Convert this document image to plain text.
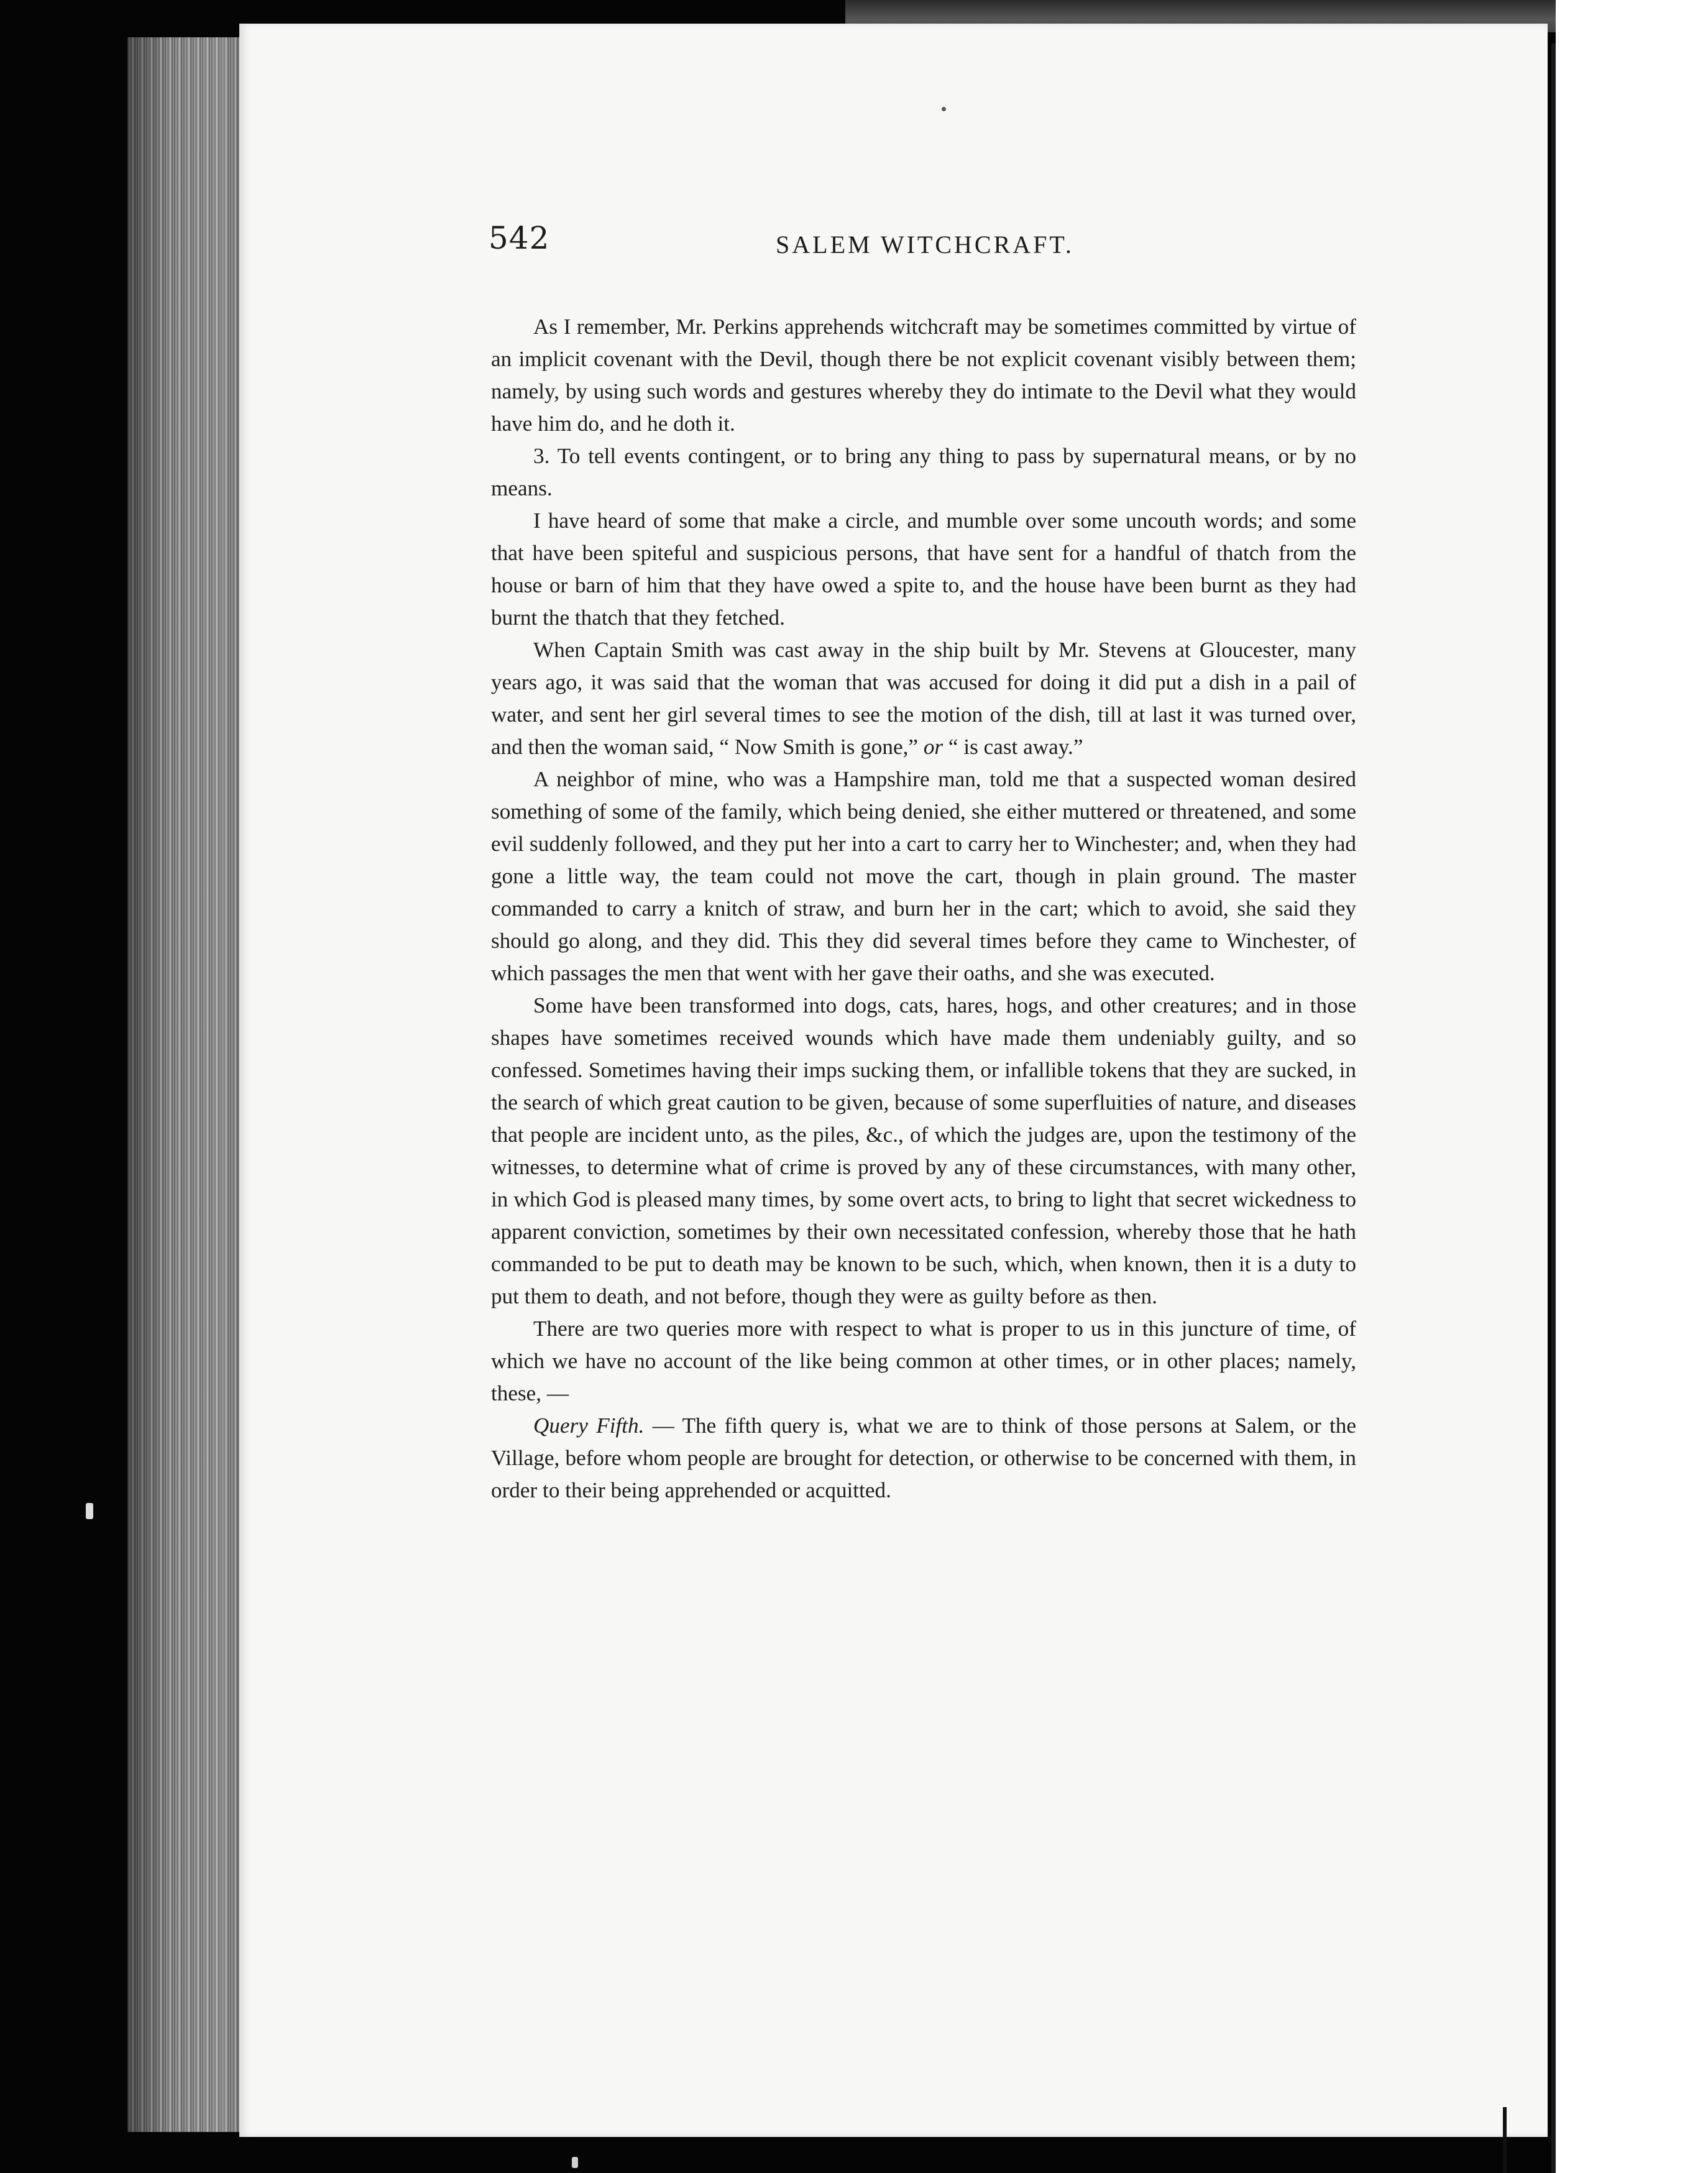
542	SALEM WITCHCRAFT.

As I remember, Mr. Perkins apprehends witchcraft may be sometimes committed by virtue of an implicit covenant with the Devil, though there be not explicit covenant visibly between them; namely, by using such words and gestures whereby they do intimate to the Devil what they would have him do, and he doth it.

3. To tell events contingent, or to bring any thing to pass by supernatural means, or by no means.

I have heard of some that make a circle, and mumble over some uncouth words; and some that have been spiteful and suspicious persons, that have sent for a handful of thatch from the house or barn of him that they have owed a spite to, and the house have been burnt as they had burnt the thatch that they fetched.

When Captain Smith was cast away in the ship built by Mr. Stevens at Gloucester, many years ago, it was said that the woman that was accused for doing it did put a dish in a pail of water, and sent her girl several times to see the motion of the dish, till at last it was turned over, and then the woman said, “ Now Smith is gone,” or “ is cast away.”

A neighbor of mine, who was a Hampshire man, told me that a suspected woman desired something of some of the family, which being denied, she either muttered or threatened, and some evil suddenly followed, and they put her into a cart to carry her to Winchester; and, when they had gone a little way, the team could not move the cart, though in plain ground. The master commanded to carry a knitch of straw, and burn her in the cart; which to avoid, she said they should go along, and they did. This they did several times before they came to Winchester, of which passages the men that went with her gave their oaths, and she was executed.

Some have been transformed into dogs, cats, hares, hogs, and other creatures; and in those shapes have sometimes received wounds which have made them undeniably guilty, and so confessed. Sometimes having their imps sucking them, or infallible tokens that they are sucked, in the search of which great caution to be given, because of some superfluities of nature, and diseases that people are incident unto, as the piles, &c., of which the judges are, upon the testimony of the witnesses, to determine what of crime is proved by any of these circumstances, with many other, in which God is pleased many times, by some overt acts, to bring to light that secret wickedness to apparent conviction, sometimes by their own necessitated confession, whereby those that he hath commanded to be put to death may be known to be such, which, when known, then it is a duty to put them to death, and not before, though they were as guilty before as then.

There are two queries more with respect to what is proper to us in this juncture of time, of which we have no account of the like being common at other times, or in other places; namely, these, —

Query Fifth. — The fifth query is, what we are to think of those persons at Salem, or the Village, before whom people are brought for detection, or otherwise to be concerned with them, in order to their being apprehended or acquitted.
